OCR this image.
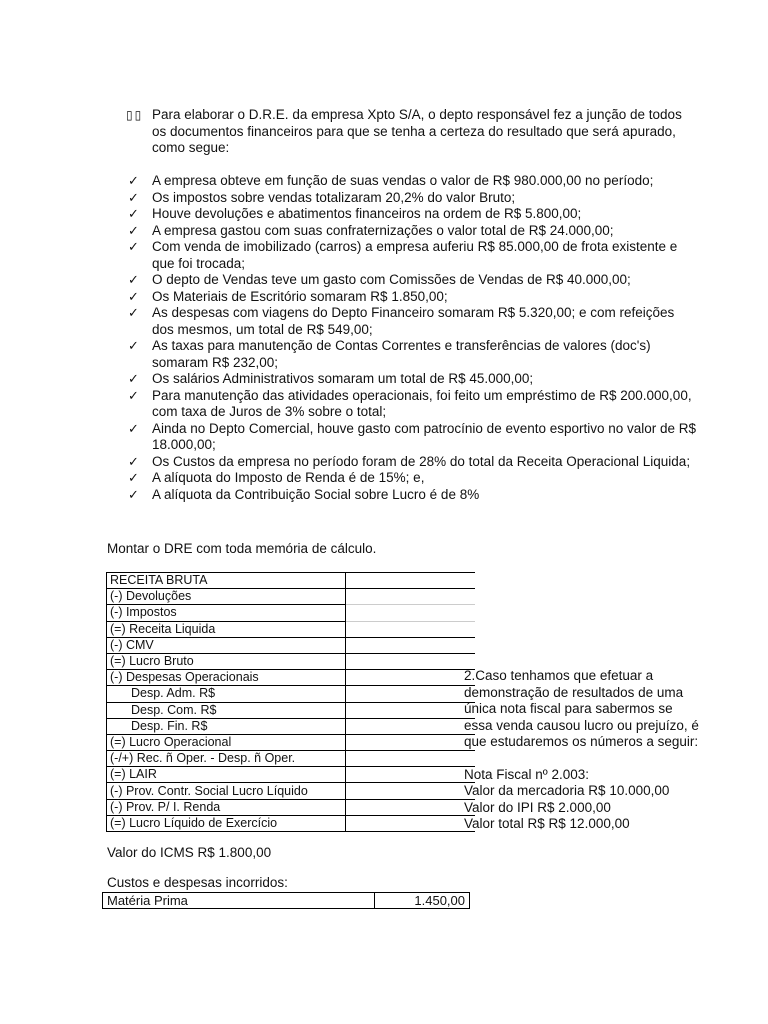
▯▯ Para elaborar o D.R.E. da empresa Xpto S/A, o depto responsável fez a junção de todos os documentos financeiros para que se tenha a certeza do resultado que será apurado, como segue:
✓ A empresa obteve em função de suas vendas o valor de R$ 980.000,00 no período;
✓ Os impostos sobre vendas totalizaram 20,2% do valor Bruto;
✓ Houve devoluções e abatimentos financeiros na ordem de R$ 5.800,00;
✓ A empresa gastou com suas confraternizações o valor total de R$ 24.000,00;
✓ Com venda de imobilizado (carros) a empresa auferiu R$ 85.000,00 de frota existente e que foi trocada;
✓ O depto de Vendas teve um gasto com Comissões de Vendas de R$ 40.000,00;
✓ Os Materiais de Escritório somaram R$ 1.850,00;
✓ As despesas com viagens do Depto Financeiro somaram R$ 5.320,00; e com refeições dos mesmos, um total de R$ 549,00;
✓ As taxas para manutenção de Contas Correntes e transferências de valores (doc's) somaram R$ 232,00;
✓ Os salários Administrativos somaram um total de R$ 45.000,00;
✓ Para manutenção das atividades operacionais, foi feito um empréstimo de R$ 200.000,00, com taxa de Juros de 3% sobre o total;
✓ Ainda no Depto Comercial, houve gasto com patrocínio de evento esportivo no valor de R$ 18.000,00;
✓ Os Custos da empresa no período foram de 28% do total da Receita Operacional Liquida;
✓ A alíquota do Imposto de Renda é de 15%; e,
✓ A alíquota da Contribuição Social sobre Lucro é de 8%
Montar o DRE com toda memória de cálculo.
RECEITA BRUTA	
(-) Devoluções	
(-) Impostos	
(=) Receita Liquida	
(-) CMV	
(=) Lucro Bruto	
(-) Despesas Operacionais	
Desp. Adm. R$	
Desp. Com. R$	
Desp. Fin. R$	
(=) Lucro Operacional	
(-/+) Rec. ñ Oper. - Desp. ñ Oper.	
(=) LAIR	
(-) Prov. Contr. Social Lucro Líquido	
(-) Prov. P/ I. Renda	
(=) Lucro Líquido de Exercício	

2.Caso tenhamos que efetuar a demonstração de resultados de uma única nota fiscal para sabermos se essa venda causou lucro ou prejuízo, é que estudaremos os números a seguir:

Nota Fiscal nº 2.003:

Valor da mercadoria R$ 10.000,00

Valor do IPI R$ 2.000,00

Valor total R$ R$ 12.000,00

Valor do ICMS R$ 1.800,00
Custos e despesas incorridos:
Matéria Prima	1.450,00
